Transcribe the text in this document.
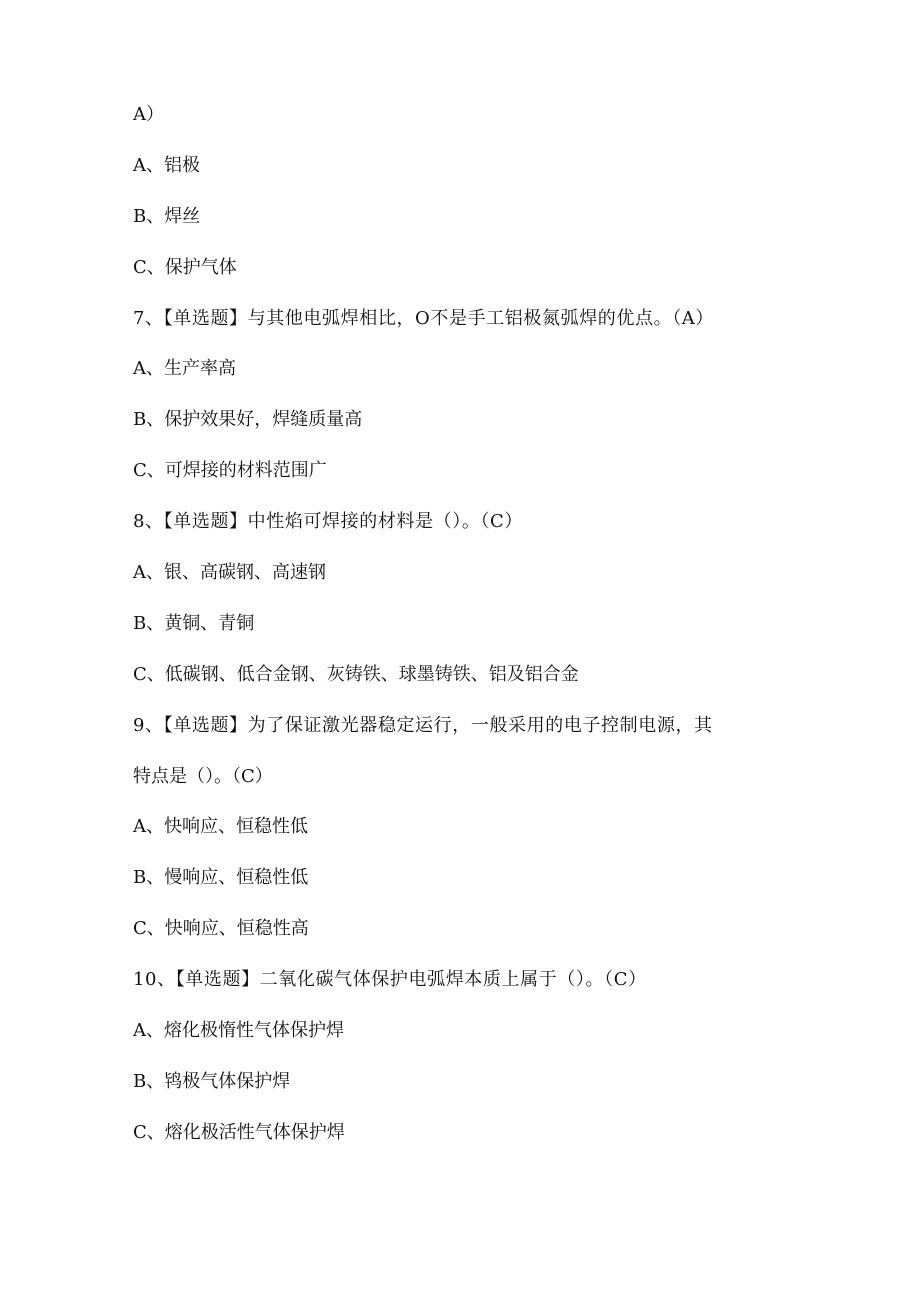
A）
A、铝极
B、焊丝
C、保护气体
7、【单选题】与其他电弧焊相比，O不是手工铝极氮弧焊的优点。（A）
A、生产率高
B、保护效果好，焊缝质量高
C、可焊接的材料范围广
8、【单选题】中性焰可焊接的材料是（）。（C）
A、银、高碳钢、高速钢
B、黄铜、青铜
C、低碳钢、低合金钢、灰铸铁、球墨铸铁、铝及铝合金
9、【单选题】为了保证激光器稳定运行，一般采用的电子控制电源，其
特点是（）。（C）
A、快响应、恒稳性低
B、慢响应、恒稳性低
C、快响应、恒稳性高
10、【单选题】二氧化碳气体保护电弧焊本质上属于（）。（C）
A、熔化极惰性气体保护焊
B、鸨极气体保护焊
C、熔化极活性气体保护焊
